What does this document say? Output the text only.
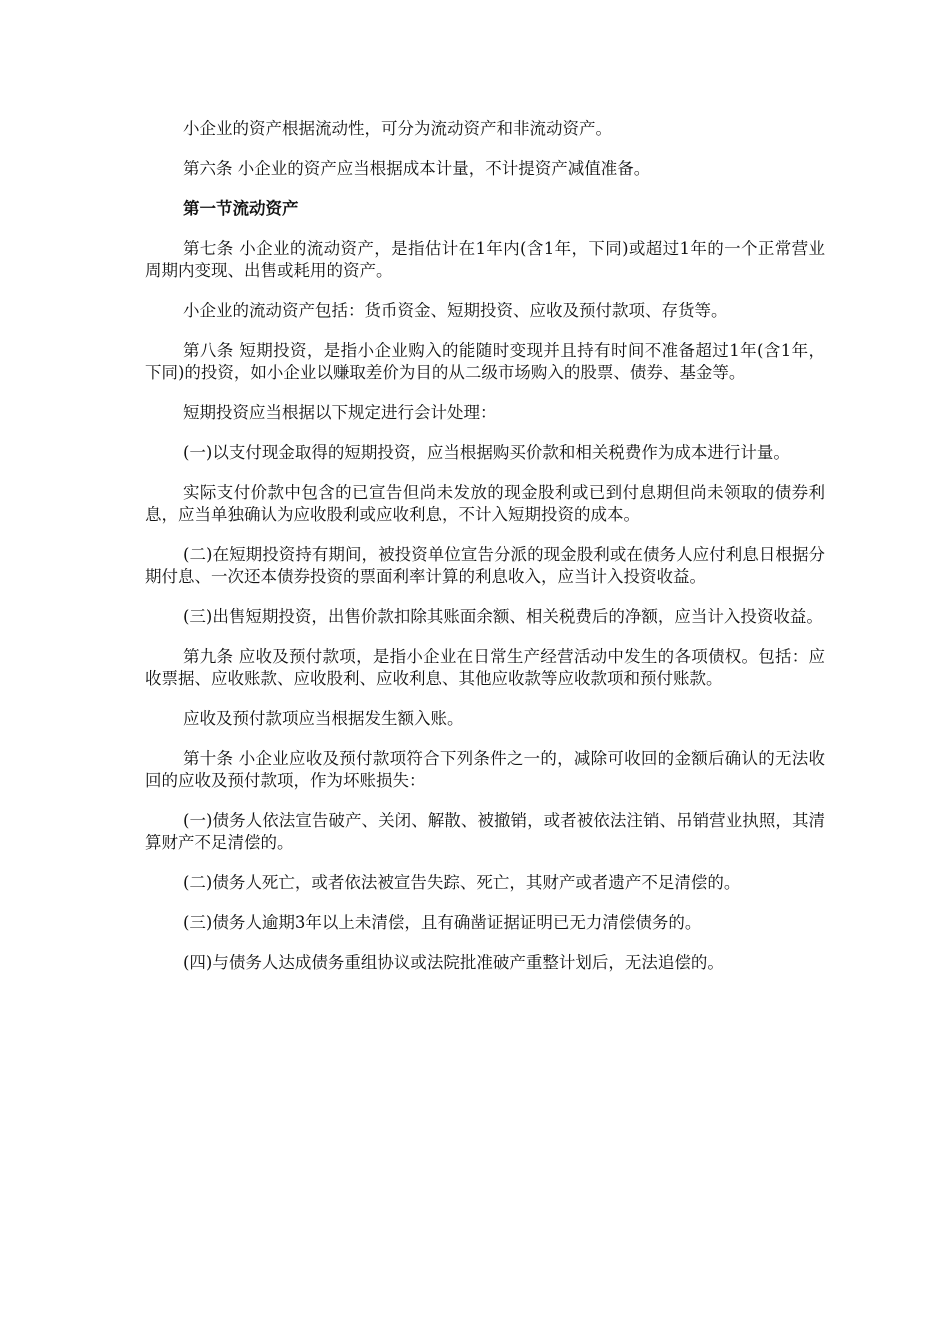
小企业的资产根据流动性，可分为流动资产和非流动资产。

第六条 小企业的资产应当根据成本计量，不计提资产减值准备。

第一节流动资产

第七条 小企业的流动资产，是指估计在1年内(含1年，下同)或超过1年的一个正常营业周期内变现、出售或耗用的资产。

小企业的流动资产包括：货币资金、短期投资、应收及预付款项、存货等。

第八条 短期投资，是指小企业购入的能随时变现并且持有时间不准备超过1年(含1年，下同)的投资，如小企业以赚取差价为目的从二级市场购入的股票、债券、基金等。

短期投资应当根据以下规定进行会计处理：

(一)以支付现金取得的短期投资，应当根据购买价款和相关税费作为成本进行计量。

实际支付价款中包含的已宣告但尚未发放的现金股利或已到付息期但尚未领取的债券利息，应当单独确认为应收股利或应收利息，不计入短期投资的成本。

(二)在短期投资持有期间，被投资单位宣告分派的现金股利或在债务人应付利息日根据分期付息、一次还本债券投资的票面利率计算的利息收入，应当计入投资收益。

(三)出售短期投资，出售价款扣除其账面余额、相关税费后的净额，应当计入投资收益。

第九条 应收及预付款项，是指小企业在日常生产经营活动中发生的各项债权。包括：应收票据、应收账款、应收股利、应收利息、其他应收款等应收款项和预付账款。

应收及预付款项应当根据发生额入账。

第十条 小企业应收及预付款项符合下列条件之一的，减除可收回的金额后确认的无法收回的应收及预付款项，作为坏账损失：

(一)债务人依法宣告破产、关闭、解散、被撤销，或者被依法注销、吊销营业执照，其清算财产不足清偿的。

(二)债务人死亡，或者依法被宣告失踪、死亡，其财产或者遗产不足清偿的。

(三)债务人逾期3年以上未清偿，且有确凿证据证明已无力清偿债务的。

(四)与债务人达成债务重组协议或法院批准破产重整计划后，无法追偿的。
